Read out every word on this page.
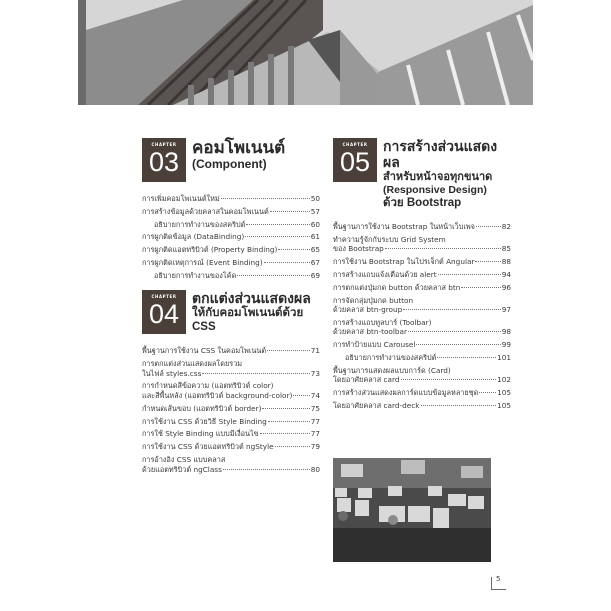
CHAPTER
03 คอมโพเนนต์
(Component)
การเพิ่มคอมโพเนนต์ใหม่	50
การสร้างข้อมูลด้วยคลาสในคอมโพเนนต์	57
อธิบายการทำงานของสคริปต์	60
การผูกติดข้อมูล (DataBinding)	61
การผูกติดแอตทริบิวต์ (Property Binding)	65
การผูกติดเหตุการณ์ (Event Binding)	67
อธิบายการทำงานของโค้ด	69
CHAPTER
04
ตกแต่งส่วนแสดงผล
ให้กับคอมโพเนนต์ด้วย CSS
พื้นฐานการใช้งาน CSS ในคอมโพเนนต์	71
การตกแต่งส่วนแสดงผลโดยรวม
ในไฟล์ styles.css	73
การกำหนดสีข้อความ (แอตทริบิวต์ color)
และสีพื้นหลัง (แอตทริบิวต์ background-color)	74
กำหนดเส้นขอบ (แอตทริบิวต์ border)	75
การใช้งาน CSS ด้วยวิธี Style Binding	77
การใช้ Style Binding แบบมีเงื่อนไข	77
การใช้งาน CSS ด้วยแอตทริบิวต์ ngStyle	79
การอ้างอิง CSS แบบคลาส
ด้วยแอตทริบิวต์ ngClass	80
CHAPTER
05
การสร้างส่วนแสดงผล
สำหรับหน้าจอทุกขนาด
(Responsive Design)
ด้วย Bootstrap
พื้นฐานการใช้งาน Bootstrap ในหน้าเว็บเพจ	82
ทำความรู้จักกับระบบ Grid System
ของ Bootstrap	85
การใช้งาน Bootstrap ในโปรเจ็กต์ Angular	88
การสร้างแถบแจ้งเตือนด้วย alert	94
การตกแต่งปุ่มกด button ด้วยคลาส btn	96
การจัดกลุ่มปุ่มกด button
ด้วยคลาส btn-group	97
การสร้างแถบทูลบาร์ (Toolbar)
ด้วยคลาส btn-toolbar	98
การทำป้ายแบบ Carousel	99
อธิบายการทำงานของสคริปต์	101
พื้นฐานการแสดงผลแบบการ์ด (Card)
โดยอาศัยคลาส card	102
การสร้างส่วนแสดงผลการ์ดแบบข้อมูลหลายชุด	105
โดยอาศัยคลาส card-deck	105
5
